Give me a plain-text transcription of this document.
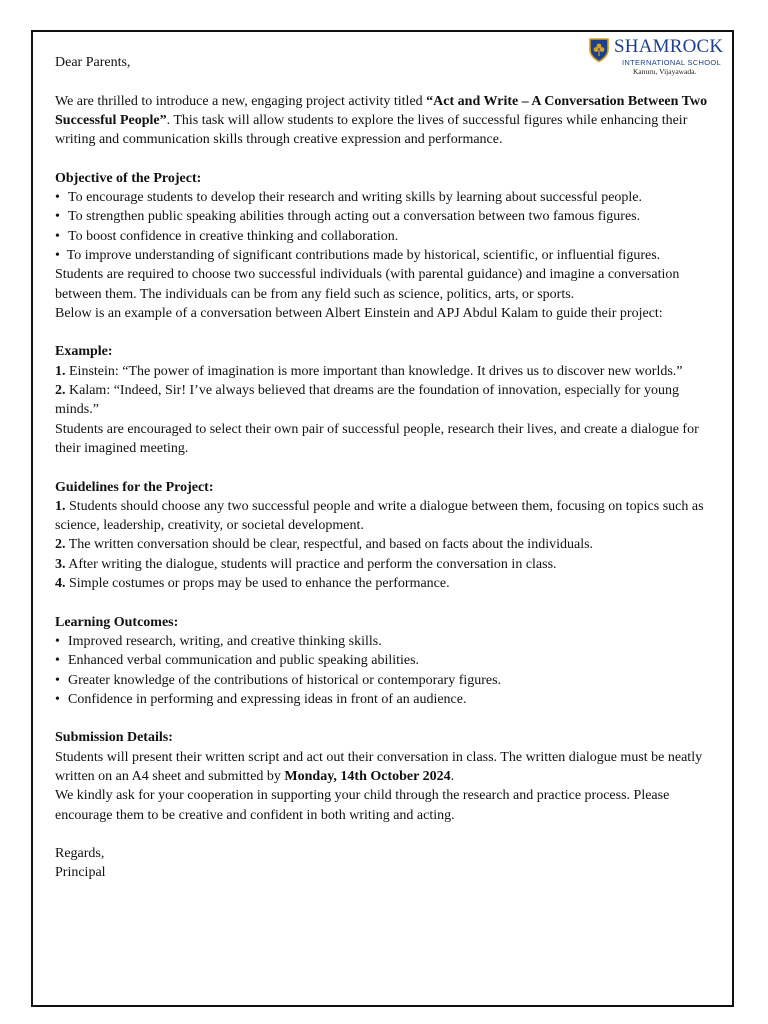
SHAMROCK
INTERNATIONAL SCHOOL
Kanuru, Vijayawada.

Dear Parents,

We are thrilled to introduce a new, engaging project activity titled “Act and Write – A Conversation Between Two Successful People”. This task will allow students to explore the lives of successful figures while enhancing their writing and communication skills through creative expression and performance.

Objective of the Project:

• To encourage students to develop their research and writing skills by learning about successful people.

• To strengthen public speaking abilities through acting out a conversation between two famous figures.

• To boost confidence in creative thinking and collaboration.

• To improve understanding of significant contributions made by historical, scientific, or influential figures.

Students are required to choose two successful individuals (with parental guidance) and imagine a conversation between them. The individuals can be from any field such as science, politics, arts, or sports.

Below is an example of a conversation between Albert Einstein and APJ Abdul Kalam to guide their project:

Example:

1. Einstein: “The power of imagination is more important than knowledge. It drives us to discover new worlds.”

2. Kalam: “Indeed, Sir! I’ve always believed that dreams are the foundation of innovation, especially for young minds.”

Students are encouraged to select their own pair of successful people, research their lives, and create a dialogue for their imagined meeting.

Guidelines for the Project:

1. Students should choose any two successful people and write a dialogue between them, focusing on topics such as science, leadership, creativity, or societal development.

2. The written conversation should be clear, respectful, and based on facts about the individuals.

3. After writing the dialogue, students will practice and perform the conversation in class.

4. Simple costumes or props may be used to enhance the performance.

Learning Outcomes:

• Improved research, writing, and creative thinking skills.

• Enhanced verbal communication and public speaking abilities.

• Greater knowledge of the contributions of historical or contemporary figures.

• Confidence in performing and expressing ideas in front of an audience.

Submission Details:

Students will present their written script and act out their conversation in class. The written dialogue must be neatly written on an A4 sheet and submitted by Monday, 14th October 2024.

We kindly ask for your cooperation in supporting your child through the research and practice process. Please encourage them to be creative and confident in both writing and acting.

Regards,

Principal
